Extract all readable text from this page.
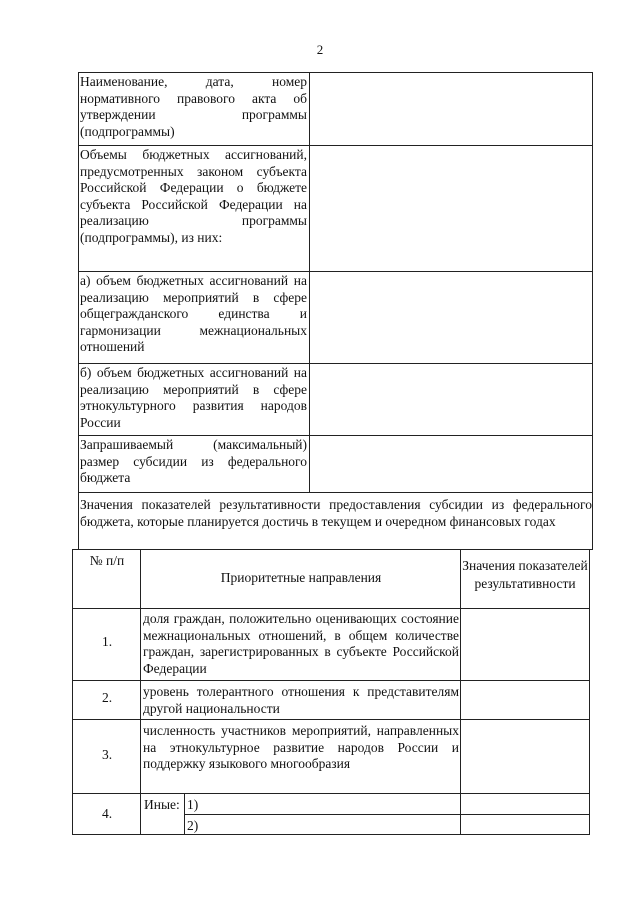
2
Наименование, дата, номер нормативного правового акта об утверждении программы (подпрограммы)
Объемы бюджетных ассигнований, предусмотренных законом субъекта Российской Федерации о бюджете субъекта Российской Федерации на реализацию программы (подпрограммы), из них:
а) объем бюджетных ассигнований на реализацию мероприятий в сфере общегражданского единства и гармонизации межнациональных отношений
б) объем бюджетных ассигнований на реализацию мероприятий в сфере этнокультурного развития народов России
Запрашиваемый (максимальный) размер субсидии из федерального бюджета
Значения показателей результативности предоставления субсидии из федерального бюджета, которые планируется достичь в текущем и очередном финансовых годах
№ п/п
Приоритетные направления
Значения показателей результативности
1.
доля граждан, положительно оценивающих состояние межнациональных отношений, в общем количестве граждан, зарегистрированных в субъекте Российской Федерации
2.	уровень толерантного отношения к представителям другой национальности
3.
численность участников мероприятий, направленных на этнокультурное развитие народов России и поддержку языкового многообразия
4.
Иные: 1)
2)
